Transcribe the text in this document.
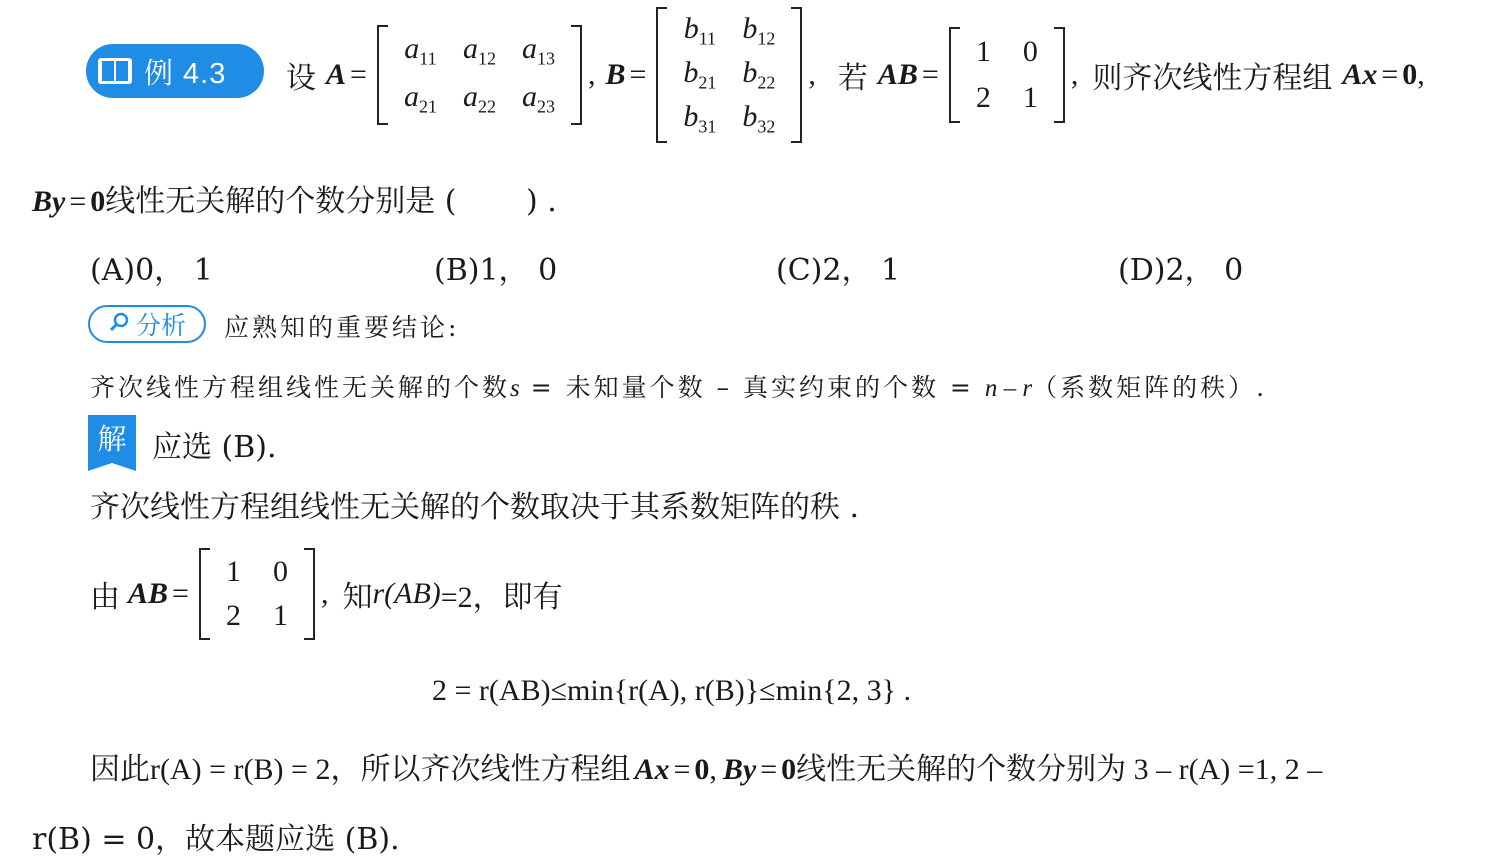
例 4.3 设 A =
$a_{11}$ $a_{12}$ $a_{13}$
$a_{21}$ $a_{22}$ $a_{23}$
, B =
$b_{11}$ $b_{12}$
$b_{21}$ $b_{22}$
$b_{31}$ $b_{32}$
, 若 AB =
1 0
2 1
, 则齐次线性方程组 Ax = 0 ,
By = 0线性无关解的个数分别是 (　　 ) .
(A)0， 1	(B)1， 0	(C)2， 1	(D)2， 0
分析 应熟知的重要结论:
齐次线性方程组线性无关解的个数s = 未知量个数 – 真实约束的个数 = n – r（系数矩阵的秩）.
解 应选 (B).
齐次线性方程组线性无关解的个数取决于其系数矩阵的秩 .
由 AB =
1 0
2 1
, 知 r(AB) =2，即有
2 = r(AB)≤min{r(A), r(B)}≤min{2, 3} .
因此r(A) = r(B) = 2，所以齐次线性方程组 Ax = 0, By = 0线性无关解的个数分别为 3 – r(A) =1, 2 –
r(B) = 0，故本题应选 (B).
